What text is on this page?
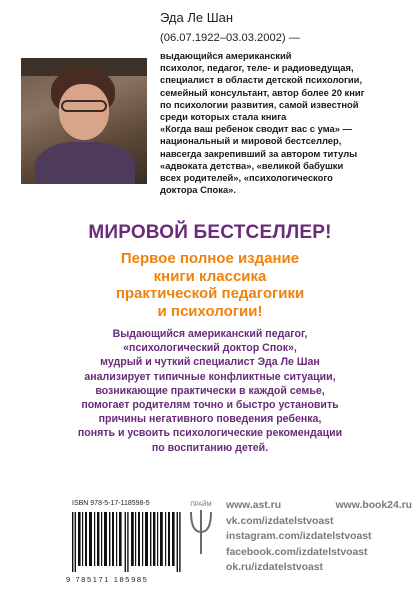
Эда Ле Шан
(06.07.1922–03.03.2002) —
выдающийся американский
психолог, педагог, теле- и радиоведущая,
специалист в области детской психологии,
семейный консультант, автор более 20 книг
по психологии развития, самой известной
среди которых стала книга
«Когда ваш ребенок сводит вас с ума» —
национальный и мировой бестселлер,
навсегда закрепивший за автором титулы
«адвоката детства», «великой бабушки
всех родителей», «психологического
доктора Спока».
МИРОВОЙ БЕСТСЕЛЛЕР!
Первое полное издание
книги классика
практической педагогики
и психологии!
Выдающийся американский педагог,
«психологический доктор Спок»,
мудрый и чуткий специалист Эда Ле Шан
анализирует типичные конфликтные ситуации,
возникающие практически в каждой семье,
помогает родителям точно и быстро установить
причины негативного поведения ребенка,
понять и усвоить психологические рекомендации
по воспитанию детей.
ISBN 978-5-17-118598-5
9 785171 185985
ПРАЙМ www.ast.ru	www.book24.ru
vk.com/izdatelstvoast
instagram.com/izdatelstvoast
facebook.com/izdatelstvoast
ok.ru/izdatelstvoast
